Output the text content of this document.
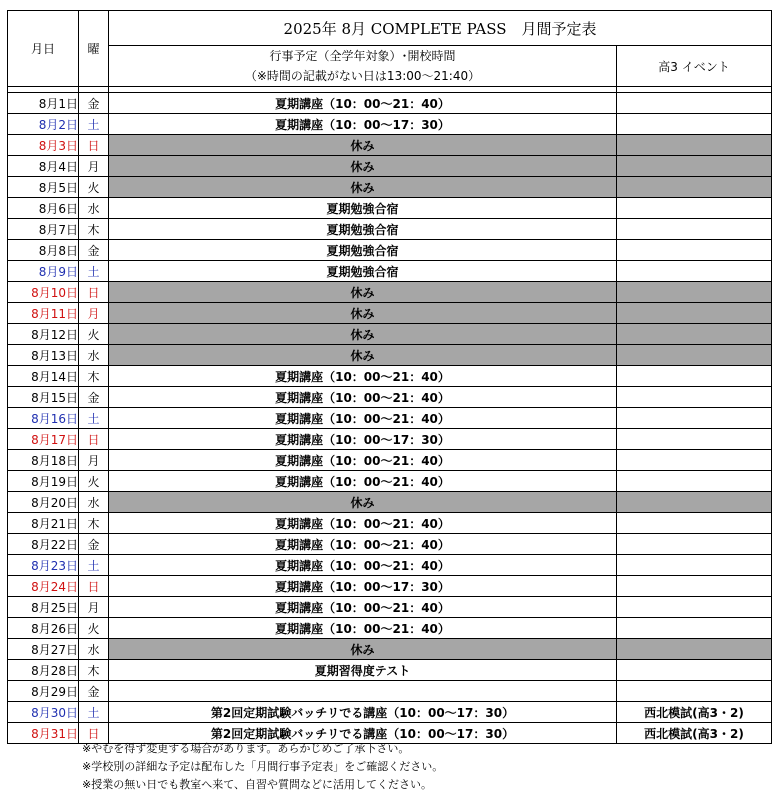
月日	曜	2025年 8月 COMPLETE PASS　月間予定表	

		行事予定（全学年対象）･開校時間
（※時間の記載がない日は13:00～21:40）	高3 イベント

8月1日	金	夏期講座（10：00～21：40）	
8月2日	土	夏期講座（10：00～17：30）	
8月3日	日	休み	
8月4日	月	休み	
8月5日	火	休み	
8月6日	水	夏期勉強合宿	
8月7日	木	夏期勉強合宿	
8月8日	金	夏期勉強合宿	
8月9日	土	夏期勉強合宿	
8月10日	日	休み	
8月11日	月	休み	
8月12日	火	休み	
8月13日	水	休み	
8月14日	木	夏期講座（10：00～21：40）	
8月15日	金	夏期講座（10：00～21：40）	
8月16日	土	夏期講座（10：00～21：40）	
8月17日	日	夏期講座（10：00～17：30）	
8月18日	月	夏期講座（10：00～21：40）	
8月19日	火	夏期講座（10：00～21：40）	
8月20日	水	休み	
8月21日	木	夏期講座（10：00～21：40）	
8月22日	金	夏期講座（10：00～21：40）	
8月23日	土	夏期講座（10：00～21：40）	
8月24日	日	夏期講座（10：00～17：30）	
8月25日	月	夏期講座（10：00～21：40）	
8月26日	火	夏期講座（10：00～21：40）	
8月27日	水	休み	
8月28日	木	夏期習得度テスト	
8月29日	金		
8月30日	土	第2回定期試験バッチリでる講座（10：00～17：30）	西北模試(高3・2)
8月31日	日	第2回定期試験バッチリでる講座（10：00～17：30）	西北模試(高3・2)
※やむを得ず変更する場合があります。あらかじめご了承下さい。
※学校別の詳細な予定は配布した「月間行事予定表」をご確認ください。
※授業の無い日でも教室へ来て、自習や質問などに活用してください。
